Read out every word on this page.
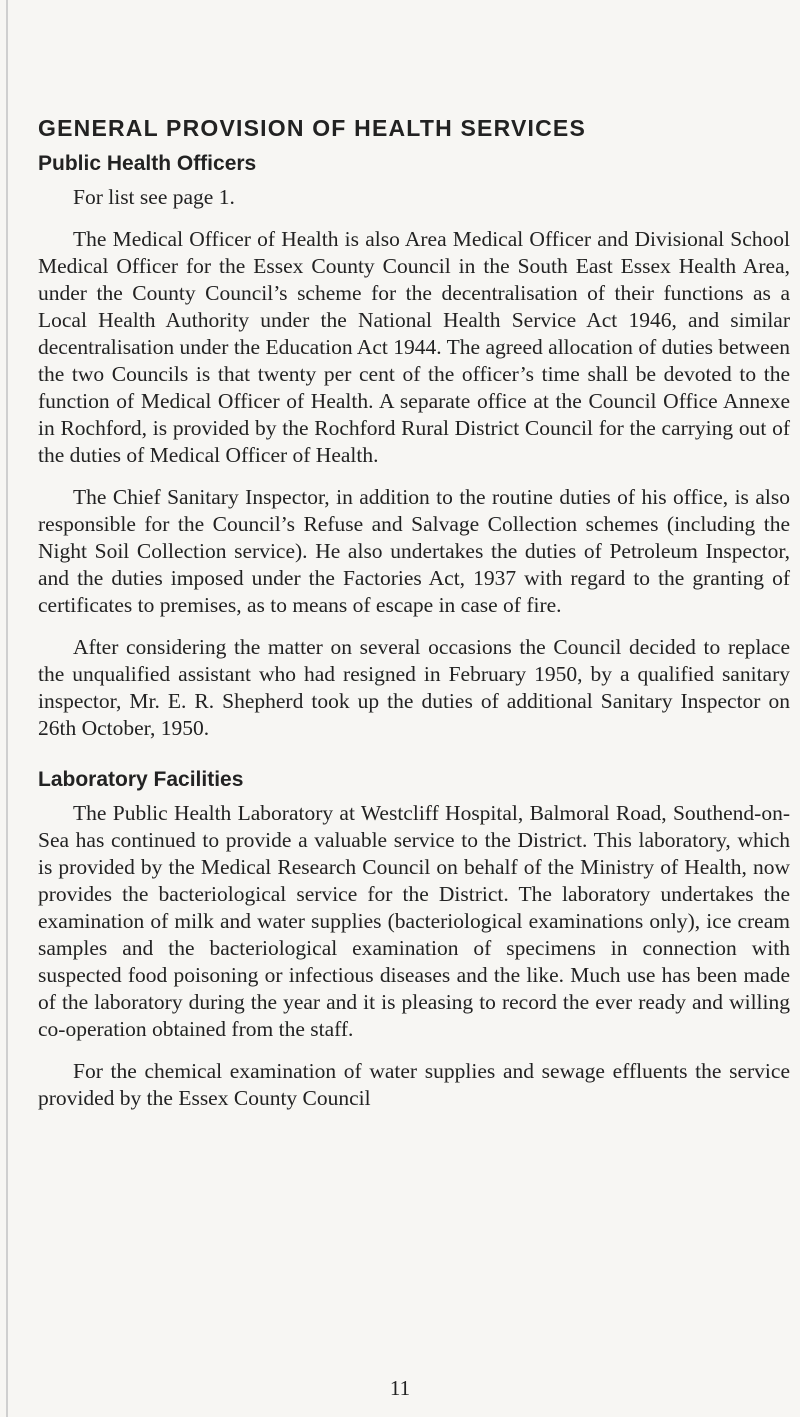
GENERAL PROVISION OF HEALTH SERVICES
Public Health Officers

For list see page 1.

The Medical Officer of Health is also Area Medical Officer and Divisional School Medical Officer for the Essex County Council in the South East Essex Health Area, under the County Council’s scheme for the decentralisation of their functions as a Local Health Authority under the National Health Service Act 1946, and similar decentralisation under the Education Act 1944. The agreed allocation of duties between the two Councils is that twenty per cent of the officer’s time shall be devoted to the function of Medical Officer of Health. A separate office at the Council Office Annexe in Rochford, is provided by the Rochford Rural District Council for the carrying out of the duties of Medical Officer of Health.

The Chief Sanitary Inspector, in addition to the routine duties of his office, is also responsible for the Council’s Refuse and Salvage Collection schemes (including the Night Soil Collection service). He also undertakes the duties of Petroleum Inspector, and the duties imposed under the Factories Act, 1937 with regard to the granting of certificates to premises, as to means of escape in case of fire.

After considering the matter on several occasions the Council decided to replace the unqualified assistant who had resigned in February 1950, by a qualified sanitary inspector, Mr. E. R. Shepherd took up the duties of additional Sanitary Inspector on 26th October, 1950.

Laboratory Facilities

The Public Health Laboratory at Westcliff Hospital, Balmoral Road, Southend-on-Sea has continued to provide a valuable service to the District. This laboratory, which is provided by the Medical Research Council on behalf of the Ministry of Health, now provides the bacteriological service for the District. The laboratory undertakes the examination of milk and water supplies (bacteriological examinations only), ice cream samples and the bacteriological examination of specimens in connection with suspected food poisoning or infectious diseases and the like. Much use has been made of the laboratory during the year and it is pleasing to record the ever ready and willing co-operation obtained from the staff.

For the chemical examination of water supplies and sewage effluents the service provided by the Essex County Council

11
